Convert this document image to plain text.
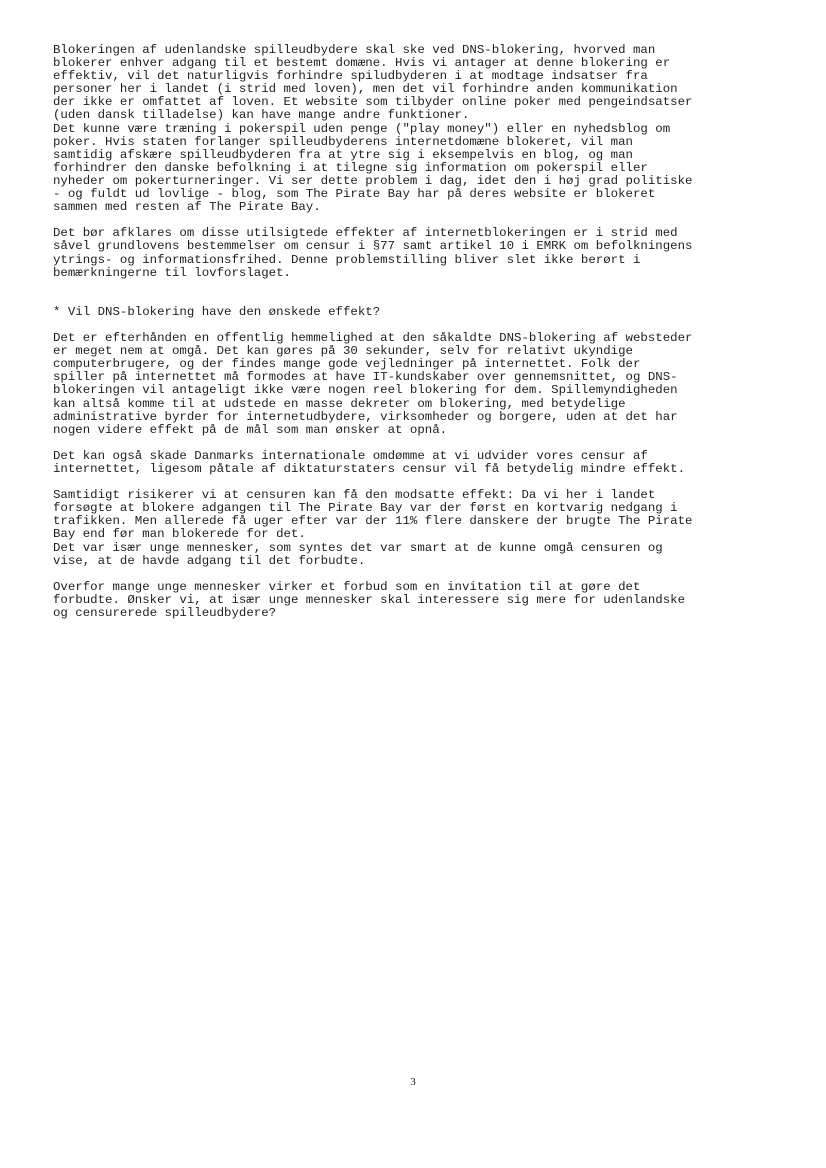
Blokeringen af udenlandske spilleudbydere skal ske ved DNS-blokering, hvorved man
blokerer enhver adgang til et bestemt domæne. Hvis vi antager at denne blokering er
effektiv, vil det naturligvis forhindre spiludbyderen i at modtage indsatser fra
personer her i landet (i strid med loven), men det vil forhindre anden kommunikation
der ikke er omfattet af loven. Et website som tilbyder online poker med pengeindsatser
(uden dansk tilladelse) kan have mange andre funktioner.
Det kunne være træning i pokerspil uden penge ("play money") eller en nyhedsblog om
poker. Hvis staten forlanger spilleudbyderens internetdomæne blokeret, vil man
samtidig afskære spilleudbyderen fra at ytre sig i eksempelvis en blog, og man
forhindrer den danske befolkning i at tilegne sig information om pokerspil eller
nyheder om pokerturneringer. Vi ser dette problem i dag, idet den i høj grad politiske
- og fuldt ud lovlige - blog, som The Pirate Bay har på deres website er blokeret
sammen med resten af The Pirate Bay.
Det bør afklares om disse utilsigtede effekter af internetblokeringen er i strid med
såvel grundlovens bestemmelser om censur i §77 samt artikel 10 i EMRK om befolkningens
ytrings- og informationsfrihed. Denne problemstilling bliver slet ikke berørt i
bemærkningerne til lovforslaget.
* Vil DNS-blokering have den ønskede effekt?
Det er efterhånden en offentlig hemmelighed at den såkaldte DNS-blokering af websteder
er meget nem at omgå. Det kan gøres på 30 sekunder, selv for relativt ukyndige
computerbrugere, og der findes mange gode vejledninger på internettet. Folk der
spiller på internettet må formodes at have IT-kundskaber over gennemsnittet, og DNS-
blokeringen vil antageligt ikke være nogen reel blokering for dem. Spillemyndigheden
kan altså komme til at udstede en masse dekreter om blokering, med betydelige
administrative byrder for internetudbydere, virksomheder og borgere, uden at det har
nogen videre effekt på de mål som man ønsker at opnå.
Det kan også skade Danmarks internationale omdømme at vi udvider vores censur af
internettet, ligesom påtale af diktaturstaters censur vil få betydelig mindre effekt.
Samtidigt risikerer vi at censuren kan få den modsatte effekt: Da vi her i landet
forsøgte at blokere adgangen til The Pirate Bay var der først en kortvarig nedgang i
trafikken. Men allerede få uger efter var der 11% flere danskere der brugte The Pirate
Bay end før man blokerede for det.
Det var især unge mennesker, som syntes det var smart at de kunne omgå censuren og
vise, at de havde adgang til det forbudte.
Overfor mange unge mennesker virker et forbud som en invitation til at gøre det
forbudte. Ønsker vi, at især unge mennesker skal interessere sig mere for udenlandske
og censurerede spilleudbydere?
3
